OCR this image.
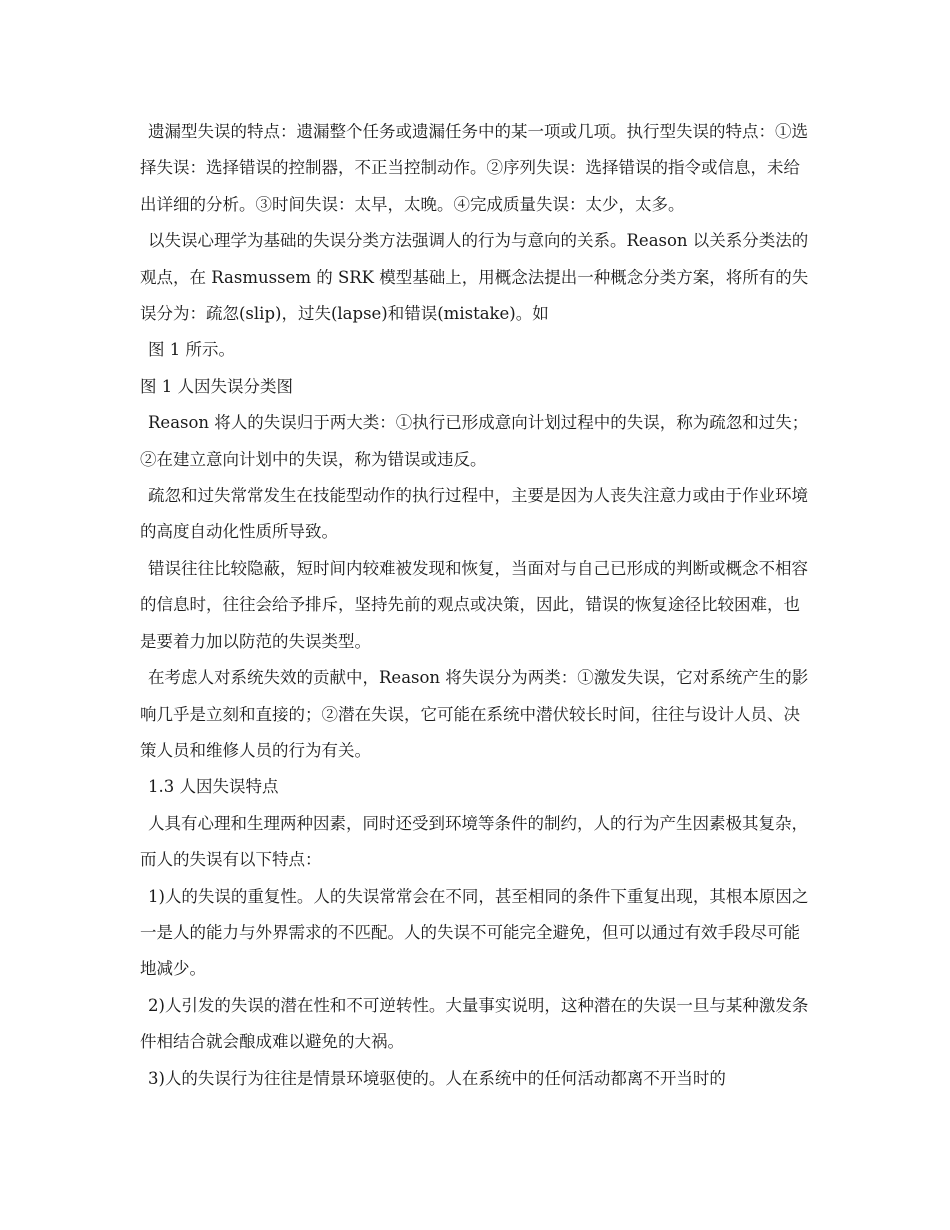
遗漏型失误的特点：遗漏整个任务或遗漏任务中的某一项或几项。执行型失误的特点：①选择失误：选择错误的控制器，不正当控制动作。②序列失误：选择错误的指令或信息，未给出详细的分析。③时间失误：太早，太晚。④完成质量失误：太少，太多。

以失误心理学为基础的失误分类方法强调人的行为与意向的关系。Reason 以关系分类法的观点，在 Rasmussem 的 SRK 模型基础上，用概念法提出一种概念分类方案，将所有的失误分为：疏忽(slip)，过失(lapse)和错误(mistake)。如

图 1 所示。

图 1 人因失误分类图

Reason 将人的失误归于两大类：①执行已形成意向计划过程中的失误，称为疏忽和过失；②在建立意向计划中的失误，称为错误或违反。

疏忽和过失常常发生在技能型动作的执行过程中，主要是因为人丧失注意力或由于作业环境的高度自动化性质所导致。

错误往往比较隐蔽，短时间内较难被发现和恢复，当面对与自己已形成的判断或概念不相容的信息时，往往会给予排斥，坚持先前的观点或决策，因此，错误的恢复途径比较困难，也是要着力加以防范的失误类型。

在考虑人对系统失效的贡献中，Reason 将失误分为两类：①激发失误，它对系统产生的影响几乎是立刻和直接的；②潜在失误，它可能在系统中潜伏较长时间，往往与设计人员、决策人员和维修人员的行为有关。

1.3 人因失误特点

人具有心理和生理两种因素，同时还受到环境等条件的制约，人的行为产生因素极其复杂，而人的失误有以下特点：

1)人的失误的重复性。人的失误常常会在不同，甚至相同的条件下重复出现，其根本原因之一是人的能力与外界需求的不匹配。人的失误不可能完全避免，但可以通过有效手段尽可能地减少。

2)人引发的失误的潜在性和不可逆转性。大量事实说明，这种潜在的失误一旦与某种激发条件相结合就会酿成难以避免的大祸。

3)人的失误行为往往是情景环境驱使的。人在系统中的任何活动都离不开当时的
